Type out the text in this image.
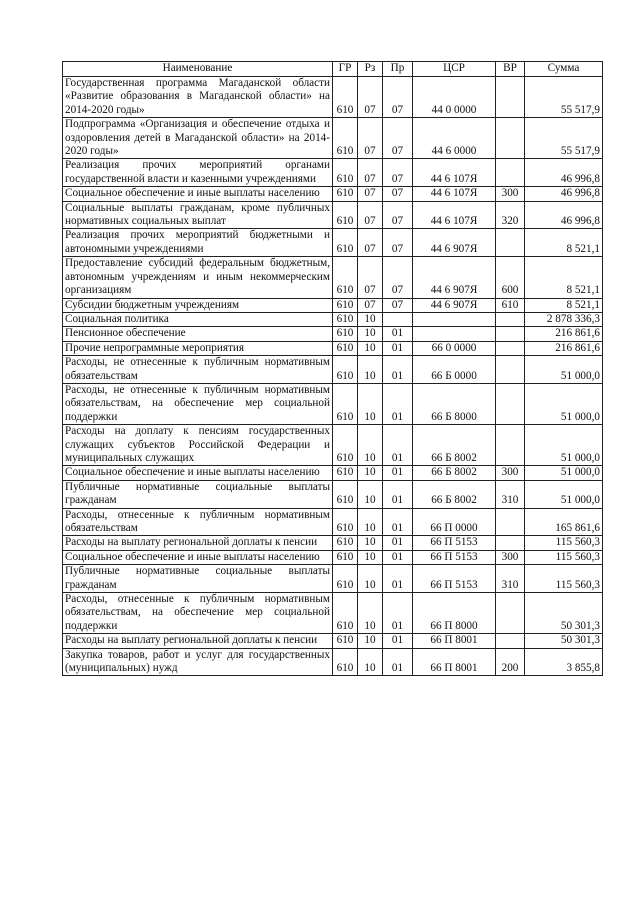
Наименование	ГР	Рз	Пр	ЦСР	ВР	Сумма
Государственная программа Магаданской области «Развитие образования в Магаданской области» на 2014-2020 годы»	610	07	07	44 0 0000		55 517,9
Подпрограмма «Организация и обеспечение отдыха и оздоровления детей в Магаданской области» на 2014-2020 годы»	610	07	07	44 6 0000		55 517,9
Реализация прочих мероприятий органами государственной власти и казенными учреждениями	610	07	07	44 6 107Я		46 996,8
Социальное обеспечение и иные выплаты населению	610	07	07	44 6 107Я	300	46 996,8
Социальные выплаты гражданам, кроме публичных нормативных социальных выплат	610	07	07	44 6 107Я	320	46 996,8
Реализация прочих мероприятий бюджетными и автономными учреждениями	610	07	07	44 6 907Я		8 521,1
Предоставление субсидий федеральным бюджетным, автономным учреждениям и иным некоммерческим организациям	610	07	07	44 6 907Я	600	8 521,1
Субсидии бюджетным учреждениям	610	07	07	44 6 907Я	610	8 521,1
Социальная политика	610	10				2 878 336,3
Пенсионное обеспечение	610	10	01			216 861,6
Прочие непрограммные мероприятия	610	10	01	66 0 0000		216 861,6
Расходы, не отнесенные к публичным нормативным обязательствам	610	10	01	66 Б 0000		51 000,0
Расходы, не отнесенные к публичным нормативным обязательствам, на обеспечение мер социальной поддержки	610	10	01	66 Б 8000		51 000,0
Расходы на доплату к пенсиям государственных служащих субъектов Российской Федерации и муниципальных служащих	610	10	01	66 Б 8002		51 000,0
Социальное обеспечение и иные выплаты населению	610	10	01	66 Б 8002	300	51 000,0
Публичные нормативные социальные выплаты гражданам	610	10	01	66 Б 8002	310	51 000,0
Расходы, отнесенные к публичным нормативным обязательствам	610	10	01	66 П 0000		165 861,6
Расходы на выплату региональной доплаты к пенсии	610	10	01	66 П 5153		115 560,3
Социальное обеспечение и иные выплаты населению	610	10	01	66 П 5153	300	115 560,3
Публичные нормативные социальные выплаты гражданам	610	10	01	66 П 5153	310	115 560,3
Расходы, отнесенные к публичным нормативным обязательствам, на обеспечение мер социальной поддержки	610	10	01	66 П 8000		50 301,3
Расходы на выплату региональной доплаты к пенсии	610	10	01	66 П 8001		50 301,3
Закупка товаров, работ и услуг для государственных (муниципальных) нужд	610	10	01	66 П 8001	200	3 855,8
